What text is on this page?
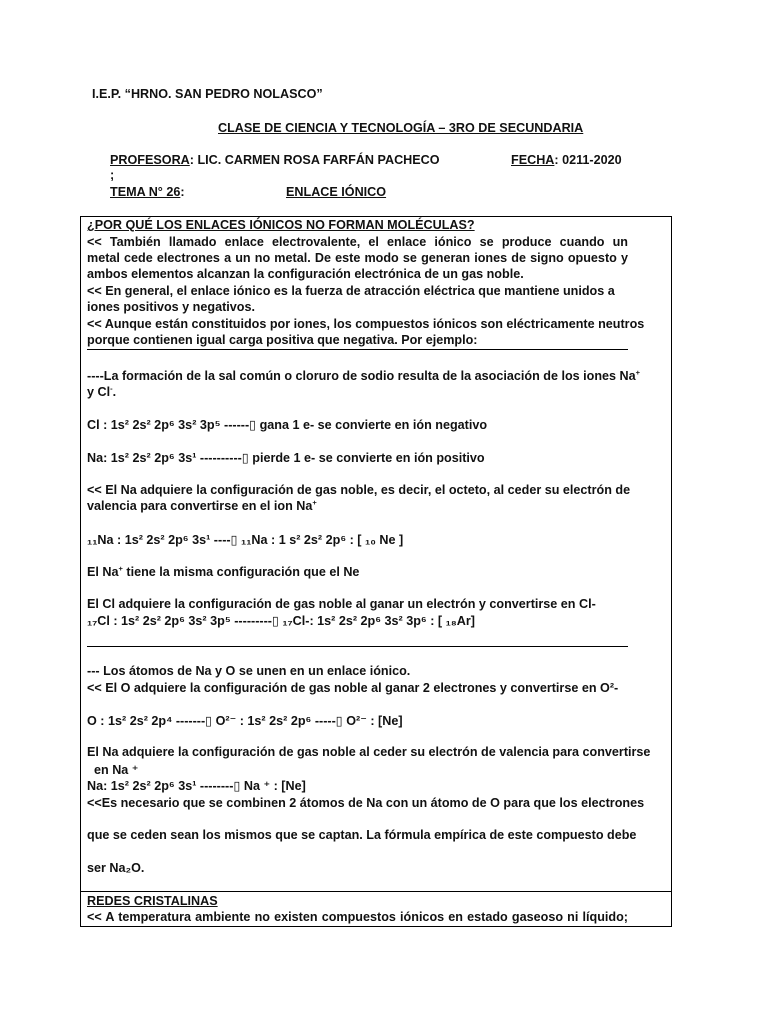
I.E.P. “HRNO. SAN PEDRO NOLASCO”
CLASE DE CIENCIA Y TECNOLOGÍA – 3RO DE SECUNDARIA
PROFESORA: LIC. CARMEN ROSA FARFÁN PACHECO	FECHA: 0211-2020
;
TEMA N° 26:	ENLACE IÓNICO
¿POR QUÉ LOS ENLACES IÓNICOS NO FORMAN MOLÉCULAS?
<< También llamado enlace electrovalente, el enlace iónico se produce cuando un
metal cede electrones a un no metal. De este modo se generan iones de signo opuesto y
ambos elementos alcanzan la configuración electrónica de un gas noble.
<< En general, el enlace iónico es la fuerza de atracción eléctrica que mantiene unidos a
iones positivos y negativos.
<< Aunque están constituidos por iones, los compuestos iónicos son eléctricamente neutros
porque contienen igual carga positiva que negativa. Por ejemplo:
----La formación de la sal común o cloruro de sodio resulta de la asociación de los iones Na+
y Cl-.
Cl : 1s² 2s² 2p⁶ 3s² 3p⁵ ------▯ gana 1 e- se convierte en ión negativo
Na: 1s² 2s² 2p⁶ 3s¹ ----------▯ pierde 1 e- se convierte en ión positivo
<< El Na adquiere la configuración de gas noble, es decir, el octeto, al ceder su electrón de
valencia para convertirse en el ion Na+
₁₁Na : 1s² 2s² 2p⁶ 3s¹ ----▯ ₁₁Na : 1 s² 2s² 2p⁶ : [ ₁₀ Ne ]
El Na+ tiene la misma configuración que el Ne
El Cl adquiere la configuración de gas noble al ganar un electrón y convertirse en Cl-
₁₇Cl : 1s² 2s² 2p⁶ 3s² 3p⁵ ---------▯ ₁₇Cl-: 1s² 2s² 2p⁶ 3s² 3p⁶ : [ ₁₈Ar]
--- Los átomos de Na y O se unen en un enlace iónico.
<< El O adquiere la configuración de gas noble al ganar 2 electrones y convertirse en O²-
O : 1s² 2s² 2p⁴ -------▯ O²⁻ : 1s² 2s² 2p⁶ -----▯ O²⁻ : [Ne]
El Na adquiere la configuración de gas noble al ceder su electrón de valencia para convertirse
en Na ⁺
Na: 1s² 2s² 2p⁶ 3s¹ --------▯ Na ⁺ : [Ne]
<<Es necesario que se combinen 2 átomos de Na con un átomo de O para que los electrones
que se ceden sean los mismos que se captan. La fórmula empírica de este compuesto debe
ser Na₂O.
REDES CRISTALINAS
<< A temperatura ambiente no existen compuestos iónicos en estado gaseoso ni líquido;
